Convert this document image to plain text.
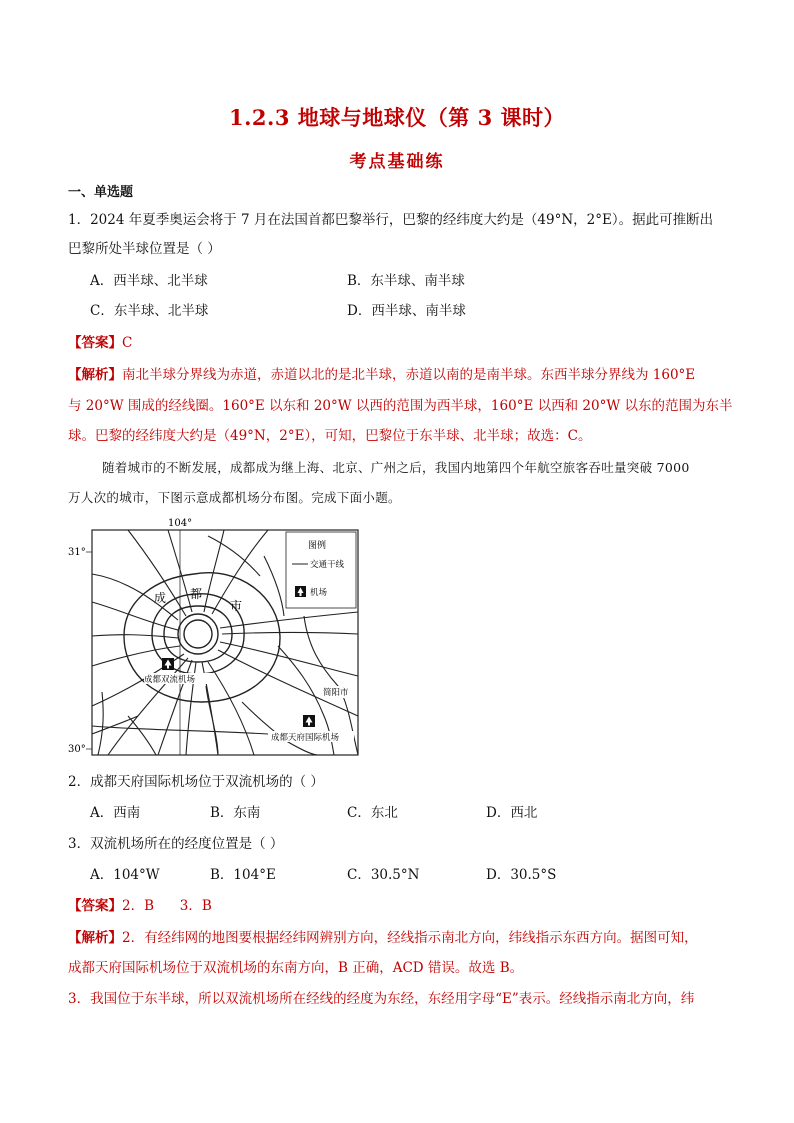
1.2.3 地球与地球仪（第 3 课时）
考点基础练
一、单选题
1．2024 年夏季奥运会将于 7 月在法国首都巴黎举行，巴黎的经纬度大约是（49°N，2°E）。据此可推断出
巴黎所处半球位置是（ ）
A．西半球、北半球	B．东半球、南半球
C．东半球、北半球	D．西半球、南半球
【答案】C
【解析】南北半球分界线为赤道，赤道以北的是北半球，赤道以南的是南半球。东西半球分界线为 160°E
与 20°W 围成的经线圈。160°E 以东和 20°W 以西的范围为西半球，160°E 以西和 20°W 以东的范围为东半
球。巴黎的经纬度大约是（49°N，2°E），可知，巴黎位于东半球、北半球；故选：C。
随着城市的不断发展，成都成为继上海、北京、广州之后，我国内地第四个年航空旅客吞吐量突破 7000
万人次的城市，下图示意成都机场分布图。完成下面小题。
104°
31°
30°
图例
交通干线
机场
成 都
市
成都双流机场
简阳市
成都天府国际机场
2．成都天府国际机场位于双流机场的（ ）
A．西南	B．东南	C．东北	D．西北
3．双流机场所在的经度位置是（ ）
A．104°W	B．104°E	C．30.5°N	D．30.5°S
【答案】2．B      3．B
【解析】2．有经纬网的地图要根据经纬网辨别方向，经线指示南北方向，纬线指示东西方向。据图可知，
成都天府国际机场位于双流机场的东南方向，B 正确，ACD 错误。故选 B。
3．我国位于东半球，所以双流机场所在经线的经度为东经，东经用字母“E”表示。经线指示南北方向，纬
